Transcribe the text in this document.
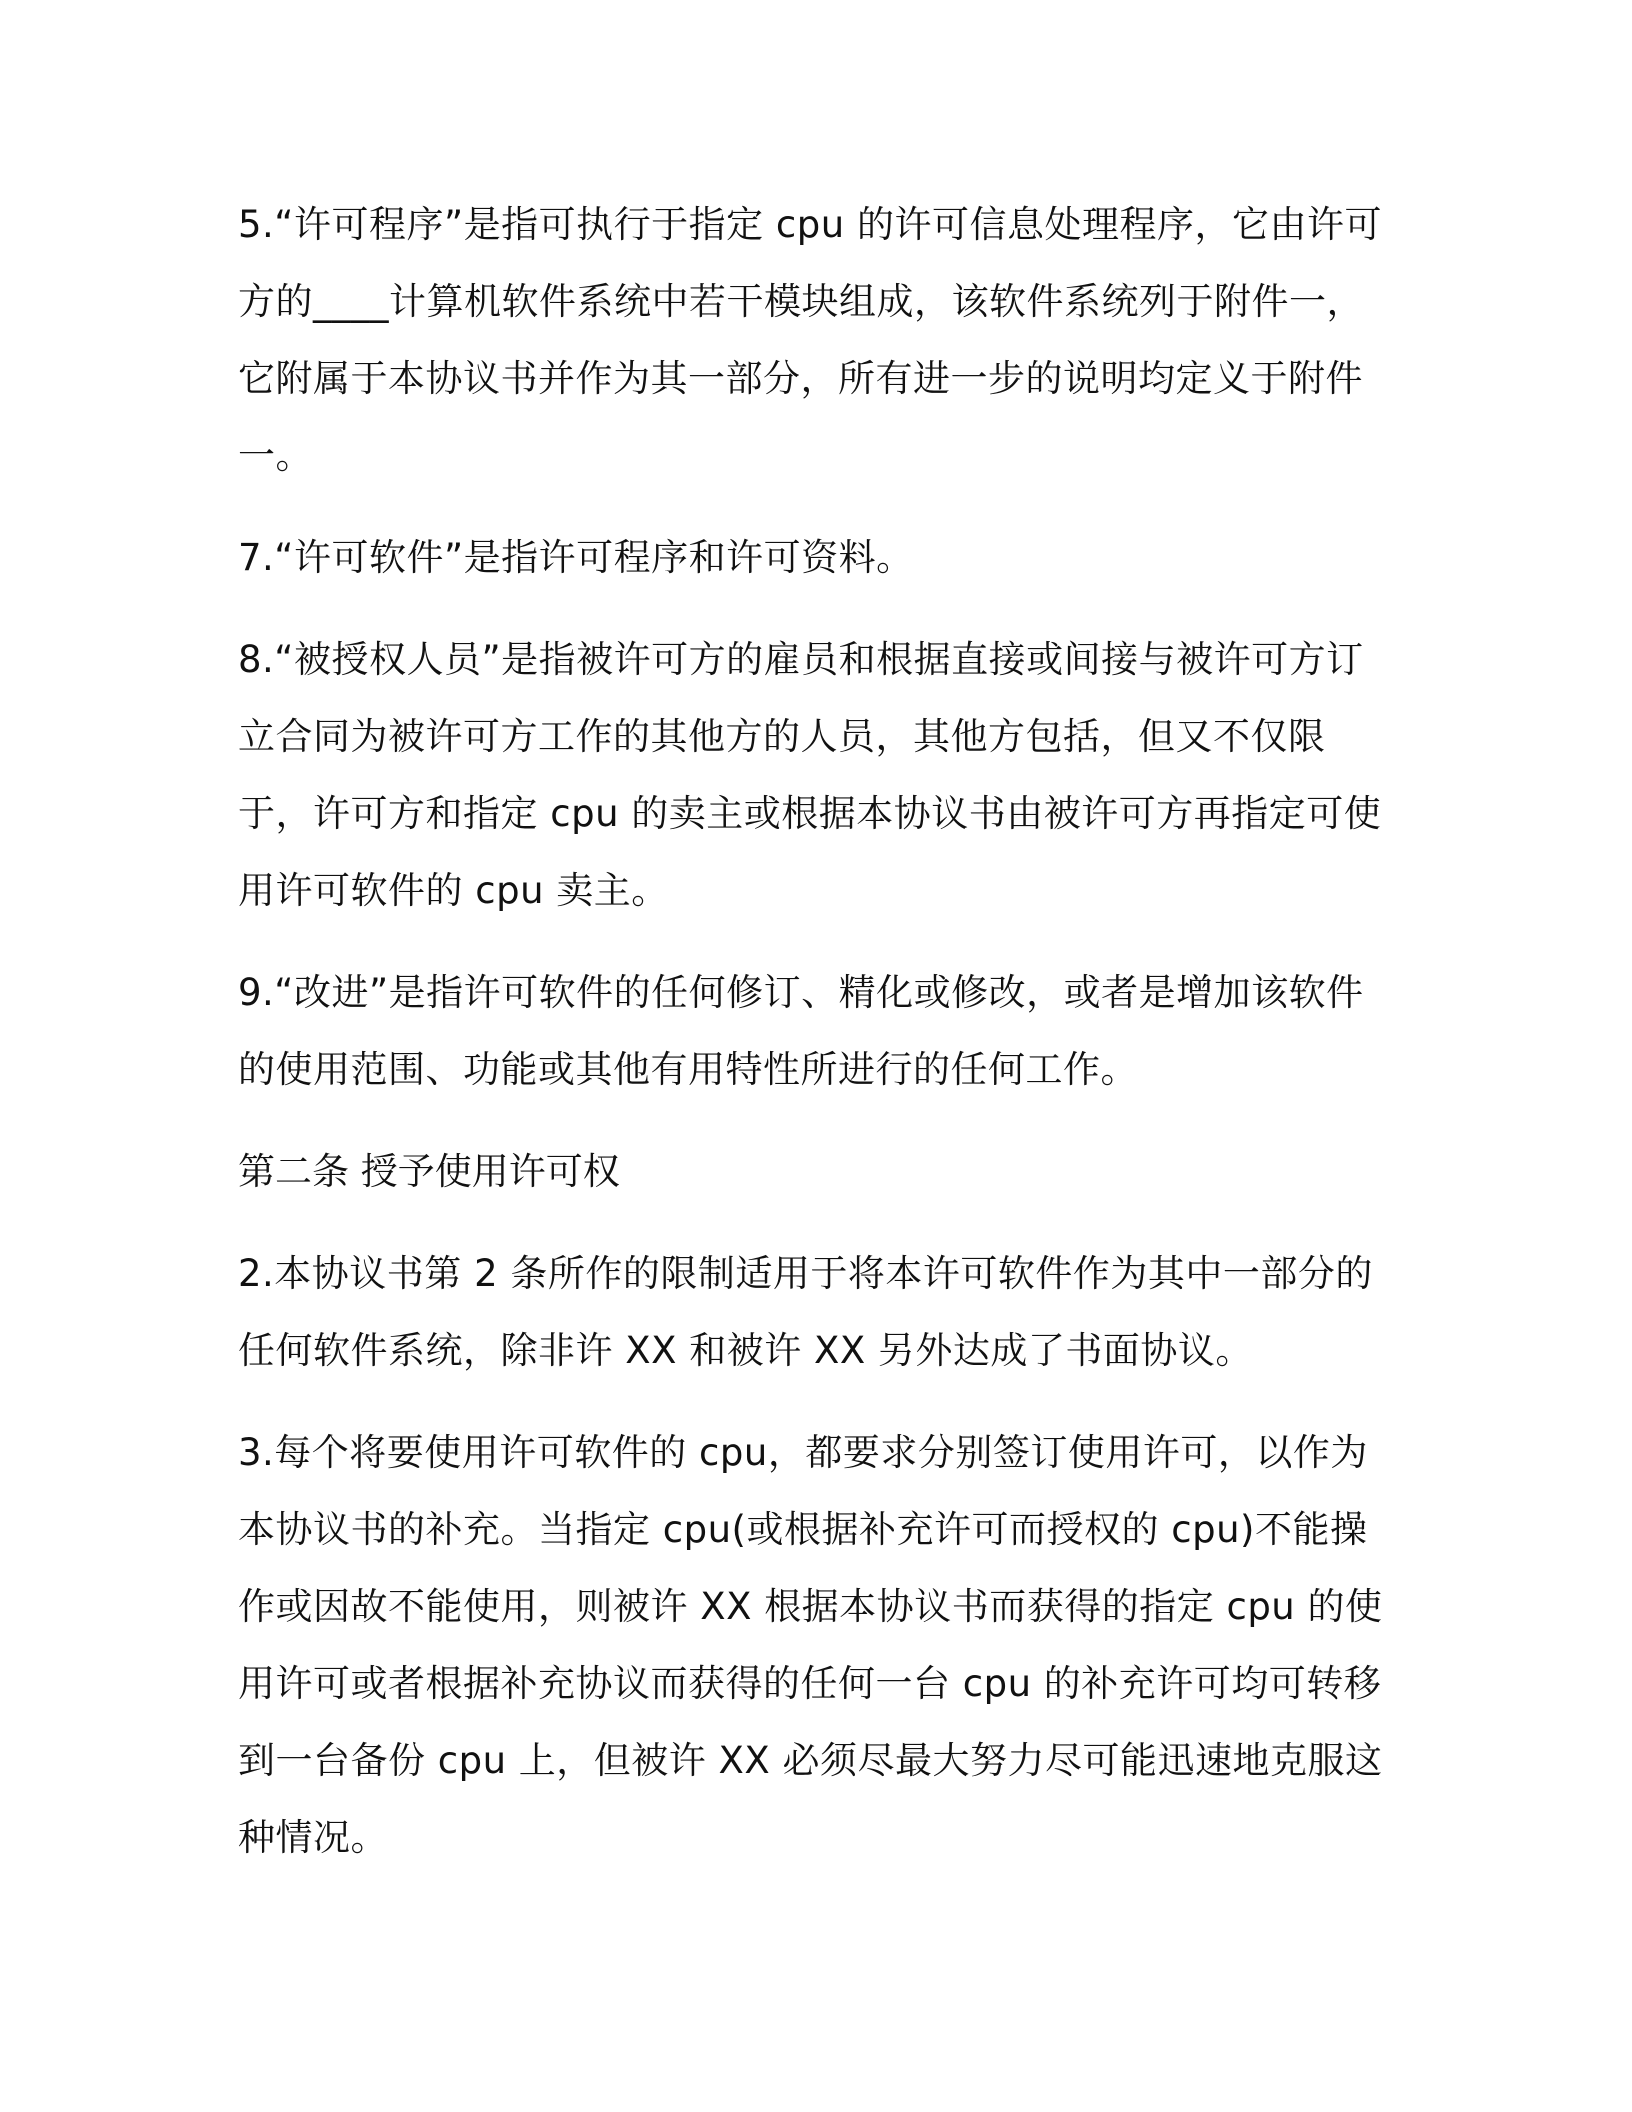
5.“许可程序”是指可执行于指定 cpu 的许可信息处理程序，它由许可方的____计算机软件系统中若干模块组成，该软件系统列于附件一，它附属于本协议书并作为其一部分，所有进一步的说明均定义于附件一。

7.“许可软件”是指许可程序和许可资料。

8.“被授权人员”是指被许可方的雇员和根据直接或间接与被许可方订立合同为被许可方工作的其他方的人员，其他方包括，但又不仅限于，许可方和指定 cpu 的卖主或根据本协议书由被许可方再指定可使用许可软件的 cpu 卖主。

9.“改进”是指许可软件的任何修订、精化或修改，或者是增加该软件的使用范围、功能或其他有用特性所进行的任何工作。

第二条 授予使用许可权

2.本协议书第 2 条所作的限制适用于将本许可软件作为其中一部分的任何软件系统，除非许 XX 和被许 XX 另外达成了书面协议。

3.每个将要使用许可软件的 cpu，都要求分别签订使用许可，以作为本协议书的补充。当指定 cpu(或根据补充许可而授权的 cpu)不能操作或因故不能使用，则被许 XX 根据本协议书而获得的指定 cpu 的使用许可或者根据补充协议而获得的任何一台 cpu 的补充许可均可转移到一台备份 cpu 上，但被许 XX 必须尽最大努力尽可能迅速地克服这种情况。
